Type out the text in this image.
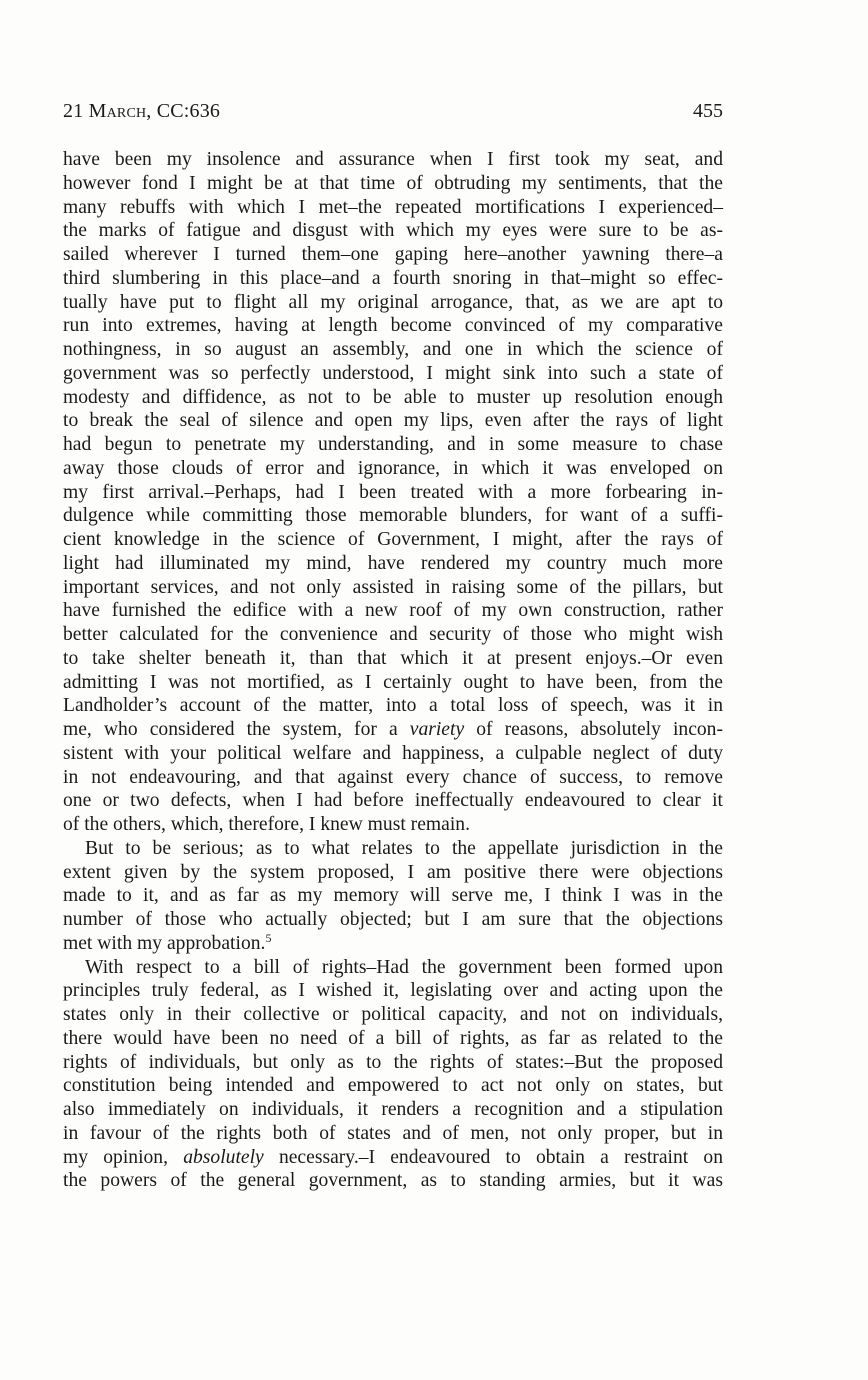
21 March, CC:636	455
have been my insolence and assurance when I first took my seat, and
however fond I might be at that time of obtruding my sentiments, that the
many rebuffs with which I met–the repeated mortifications I experienced–
the marks of fatigue and disgust with which my eyes were sure to be as-
sailed wherever I turned them–one gaping here–another yawning there–a
third slumbering in this place–and a fourth snoring in that–might so effec-
tually have put to flight all my original arrogance, that, as we are apt to
run into extremes, having at length become convinced of my comparative
nothingness, in so august an assembly, and one in which the science of
government was so perfectly understood, I might sink into such a state of
modesty and diffidence, as not to be able to muster up resolution enough
to break the seal of silence and open my lips, even after the rays of light
had begun to penetrate my understanding, and in some measure to chase
away those clouds of error and ignorance, in which it was enveloped on
my first arrival.–Perhaps, had I been treated with a more forbearing in-
dulgence while committing those memorable blunders, for want of a suffi-
cient knowledge in the science of Government, I might, after the rays of
light had illuminated my mind, have rendered my country much more
important services, and not only assisted in raising some of the pillars, but
have furnished the edifice with a new roof of my own construction, rather
better calculated for the convenience and security of those who might wish
to take shelter beneath it, than that which it at present enjoys.–Or even
admitting I was not mortified, as I certainly ought to have been, from the
Landholder’s account of the matter, into a total loss of speech, was it in
me, who considered the system, for a variety of reasons, absolutely incon-
sistent with your political welfare and happiness, a culpable neglect of duty
in not endeavouring, and that against every chance of success, to remove
one or two defects, when I had before ineffectually endeavoured to clear it
of the others, which, therefore, I knew must remain.
But to be serious; as to what relates to the appellate jurisdiction in the
extent given by the system proposed, I am positive there were objections
made to it, and as far as my memory will serve me, I think I was in the
number of those who actually objected; but I am sure that the objections
met with my approbation.$^5$
With respect to a bill of rights–Had the government been formed upon
principles truly federal, as I wished it, legislating over and acting upon the
states only in their collective or political capacity, and not on individuals,
there would have been no need of a bill of rights, as far as related to the
rights of individuals, but only as to the rights of states:–But the proposed
constitution being intended and empowered to act not only on states, but
also immediately on individuals, it renders a recognition and a stipulation
in favour of the rights both of states and of men, not only proper, but in
my opinion, absolutely necessary.–I endeavoured to obtain a restraint on
the powers of the general government, as to standing armies, but it was
